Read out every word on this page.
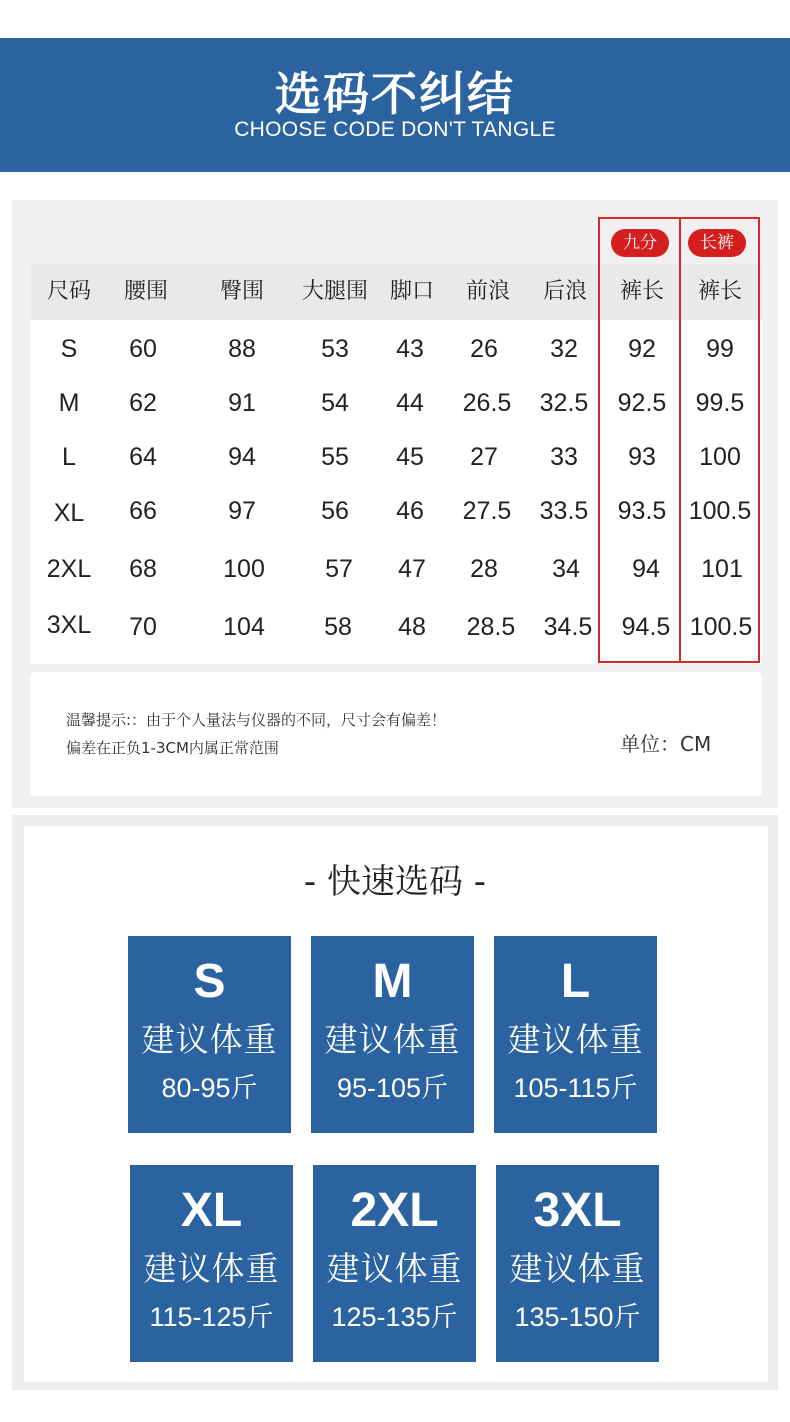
选码不纠结
CHOOSE CODE DON'T TANGLE
九分	长裤
尺码	腰围	臀围	大腿围 脚口	前浪	后浪	裤长	裤长
S	60	88	53	43	26	32	92	99
M	62	91	54	44	26.5	32.5	92.5	99.5
L	64	94	55	45	27	33	93	100
XL	66	97	56	46	27.5	33.5	93.5 100.5
2XL	68	100	57	47	28	34	94	101
3XL	70	104	58	48	28.5	34.5	94.5 100.5
温馨提示:：由于个人量法与仪器的不同，尺寸会有偏差！
偏差在正负1-3CM内属正常范围	单位：CM
- 快速选码 -
S
建议体重
80-95斤
M
建议体重
95-105斤
L
建议体重
105-115斤
XL
建议体重
115-125斤
2XL
建议体重
125-135斤
3XL
建议体重
135-150斤
